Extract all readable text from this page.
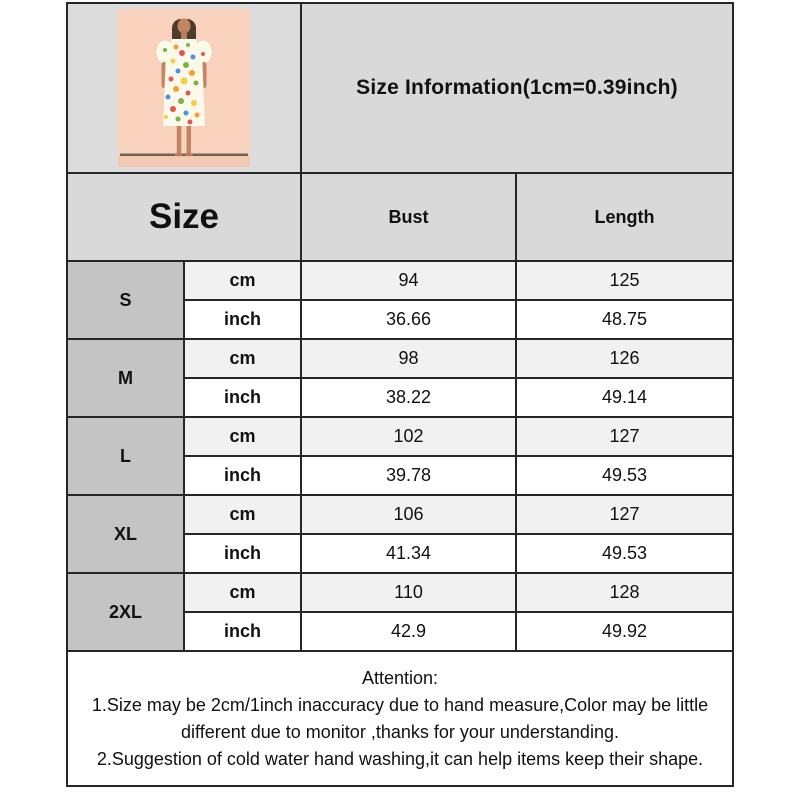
	Size Information(1cm=0.39inch)	
Size		Bust	Length
S	cm	94	125
	inch	36.66	48.75
M	cm	98	126
	inch	38.22	49.14
L	cm	102	127
	inch	39.78	49.53
XL	cm	106	127
	inch	41.34	49.53
2XL	cm	110	128
	inch	42.9	49.92

Attention:
1.Size may be 2cm/1inch inaccuracy due to hand measure,Color may be little different due to monitor ,thanks for your understanding.
2.Suggestion of cold water hand washing,it can help items keep their shape.			
